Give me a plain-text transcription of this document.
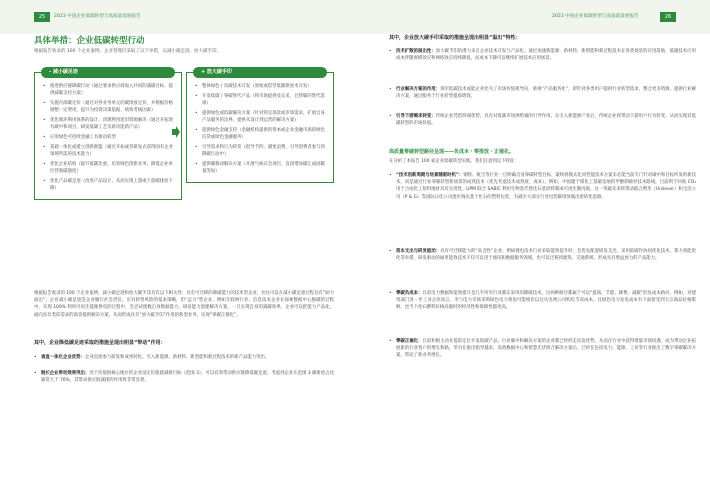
25	2023 中国企业低碳转型与高质量发展报告	2023 中国企业低碳转型与高质量发展报告	26
具体举措：企业低碳转型行动
根据报告收录的 100 个企业案例，企业管理层采取了以下举措，以减小碳足迹、放大碳手印。
- 减小碳足迹
• 推进供应链降碳行动（通过要求供应商加入共同的减碳目标、提供减碳支持方案）
• 实施内部碳定价（通过对各业务单元的碳排放定价，并根据价格调整一定费用，提升为投资决策依据、绩效考核因素）
• 优化循环利用体系的设计、清理利用废旧资源解决（通过开拓现有碳中和项目、研发低碳工艺及新功能新产品）
• 应用绿色可持续金融工具推动转型
• 基础一体化或建立创新联盟（通过开拓或者研发式获得国有企业领域所需的技术能力）
• 优化企业结构（提升低碳比重、培育绿色创新业务，降低企业单位营收碳强度）
• 优化产品碳足迹（改进产品设计，从而实现上游或下游碳排放下降）
+ 放大碳手印
• 整体绿色 / 负碳技术开发（原始或借劳低碳排放术开发）
• 开发低碳 / 零碳替代产品（将市场提供受众采，且帮碳的替代选项）
• 提供绿色或低碳解决方案（针对特定场景或市场需求，扩展自身产品服务的边界，提供从设计到运营的解决方案）
• 提供绿色金融支持（金融机构提供的资本或企业金融市场的绿色信贷或绿色金融服务）
• 引导需求和行为转变（倡导节约、避免浪费，引导消费者参与到降碳行动中）
• 提供碳移动解决方案（开展气候议会项目，直接增加碳汇或固碳量等加）
根据报告收录的 100 个企业案例，减小碳足迹和放大碳手印具有以下相关性：具有可迁移的降碳能力的技术型企业，往往可以在减小碳足迹过程具有“助力溢出”；企业减小碳足迹是企业履行社会责任、应对转型风险的基本策略，但“远力”型企业，例如互联网行业、信息技术企业在探索数据中心脱碳的过程中，实现 100% 利用可再生能源供电的过程中，会尝试使数自身数据能力、研发能力创建解决方案。一旦实现自身的减碳效果，企业可以把能力产品化，面向具有类似需求的场景提供解决方案，从而形成具有“放大碳手印”作用的新型业务，实现“零碳正催化”。
其中，企业降低碳足迹采取的措施呈现出明显“带动”作用：
• 垂直一体化企业优势：企业直接参与研发和成果转化，引入新能源、新材料、新型能和新过程技术的新产品能力突出。
• 链长企业带动效果突出：处于价值链核心地位的企业设定价值链减排目标（范围 3），可以有效带动供应链降低碳足迹。考虑到企业在范围 3 碳排放占比通常大于 70%，其带动供应链减排的作用将非常显著。
其中，企业放大碳手印采取的措施呈现出明显“溢出”特性：
• 技术扩散的溢出性：放大碳手印的潜力来自企业技术开发与产品化。通过加速新能源、新材料、新智能和新过程技术在各类场景的应用落地，低碳技术应用成本伴随规模效应和网络效应持续降低，而成本下降可以继续扩展技术应用场景。
• 行业解决方案的作用：领军低碳技术或能企业处为了市场价值观导向，重视“产品服务化”，即针对各类用户提供行业转型需求，整合更多资源，提供行业解决方案，通过服务于行业转型提质增效。
• 引导下游需求转变：传统企业凭借终端优势，具有对低碳市场供给端的引导作用。在引入新能源产业后，传统企业将带动下游用户行为转变，从而实现其低碳转型的市场价值。
高质量零碳转型路径呈现——负成本・零排放・正催化。
在分析了本报告 100 家企业低碳转型实践，我们注意到以下特征：
• “技术创新周期与场景辅驱时机”：钢铁、航空等行业一旦明确自身零碳转型目标，最终将模式化同性能技术方案未必能当前专门针对碳中和目标所发的新技术，而是通过行业零碳转型新场景的成熟技术（优先考虑技术成熟度、成本）。例如，中国建于煤化工基础发展的甲醇制烯烃技术路线，目前利于回收 CO₂ 用于合成化工原料地材具有实用性，UPM 联合 SABIC 利用生物基代替化石基原料制成可再生聚丙烯，这一突破未来将带动联合利华（Unilever）和宝洁公司（P & G）等国际日化公司逐步淘汰基于化石的塑料包装，为减少大部分行业包装碳排放做出新转化思路。
• 资本支出与研发能动：具有可迁移能力的“高含性”企业，例如锂电技术行业采取能效提升时，会优先配置研发支出，采用低碳作协同优化技术，算力效能优化等举措，研发驱动的通用能效技术不仅可以用于通讯和数据服务领域，也可以迁移到建筑、交通系统，形成具有增益放力的产品能力。
• 零碳负成本：目前电力数据和能效提升是几乎所有行业都在采用的降碳技术，这两种路径都属于可以“提质、节能、降费、减碳”的负成本路径。例如，对建筑部门进一步工业企业而言，李与电力市场采购绿色电力将很可能相比以往从电网公司购电节省成本，且绿色电力发电成本有下面接受到大宗商品价格影响，也当下化石燃料价格高涨时的经济性和保障性都更高。
• 零碳正催化：目前积极主动在提前定位开发低碳产品、行业碳中和解决方案的企业都已经经走向发优势，从而在行业中获得增量市场机遇，成为带动企业拓展新的行业客户的增长和路，华为在推出指导越来、高效数据中心和智慧光伏组合解决方案后，已经在包括电力、能源、工业等行业推出了数字零碳解决方案，带动了新业务增长。
